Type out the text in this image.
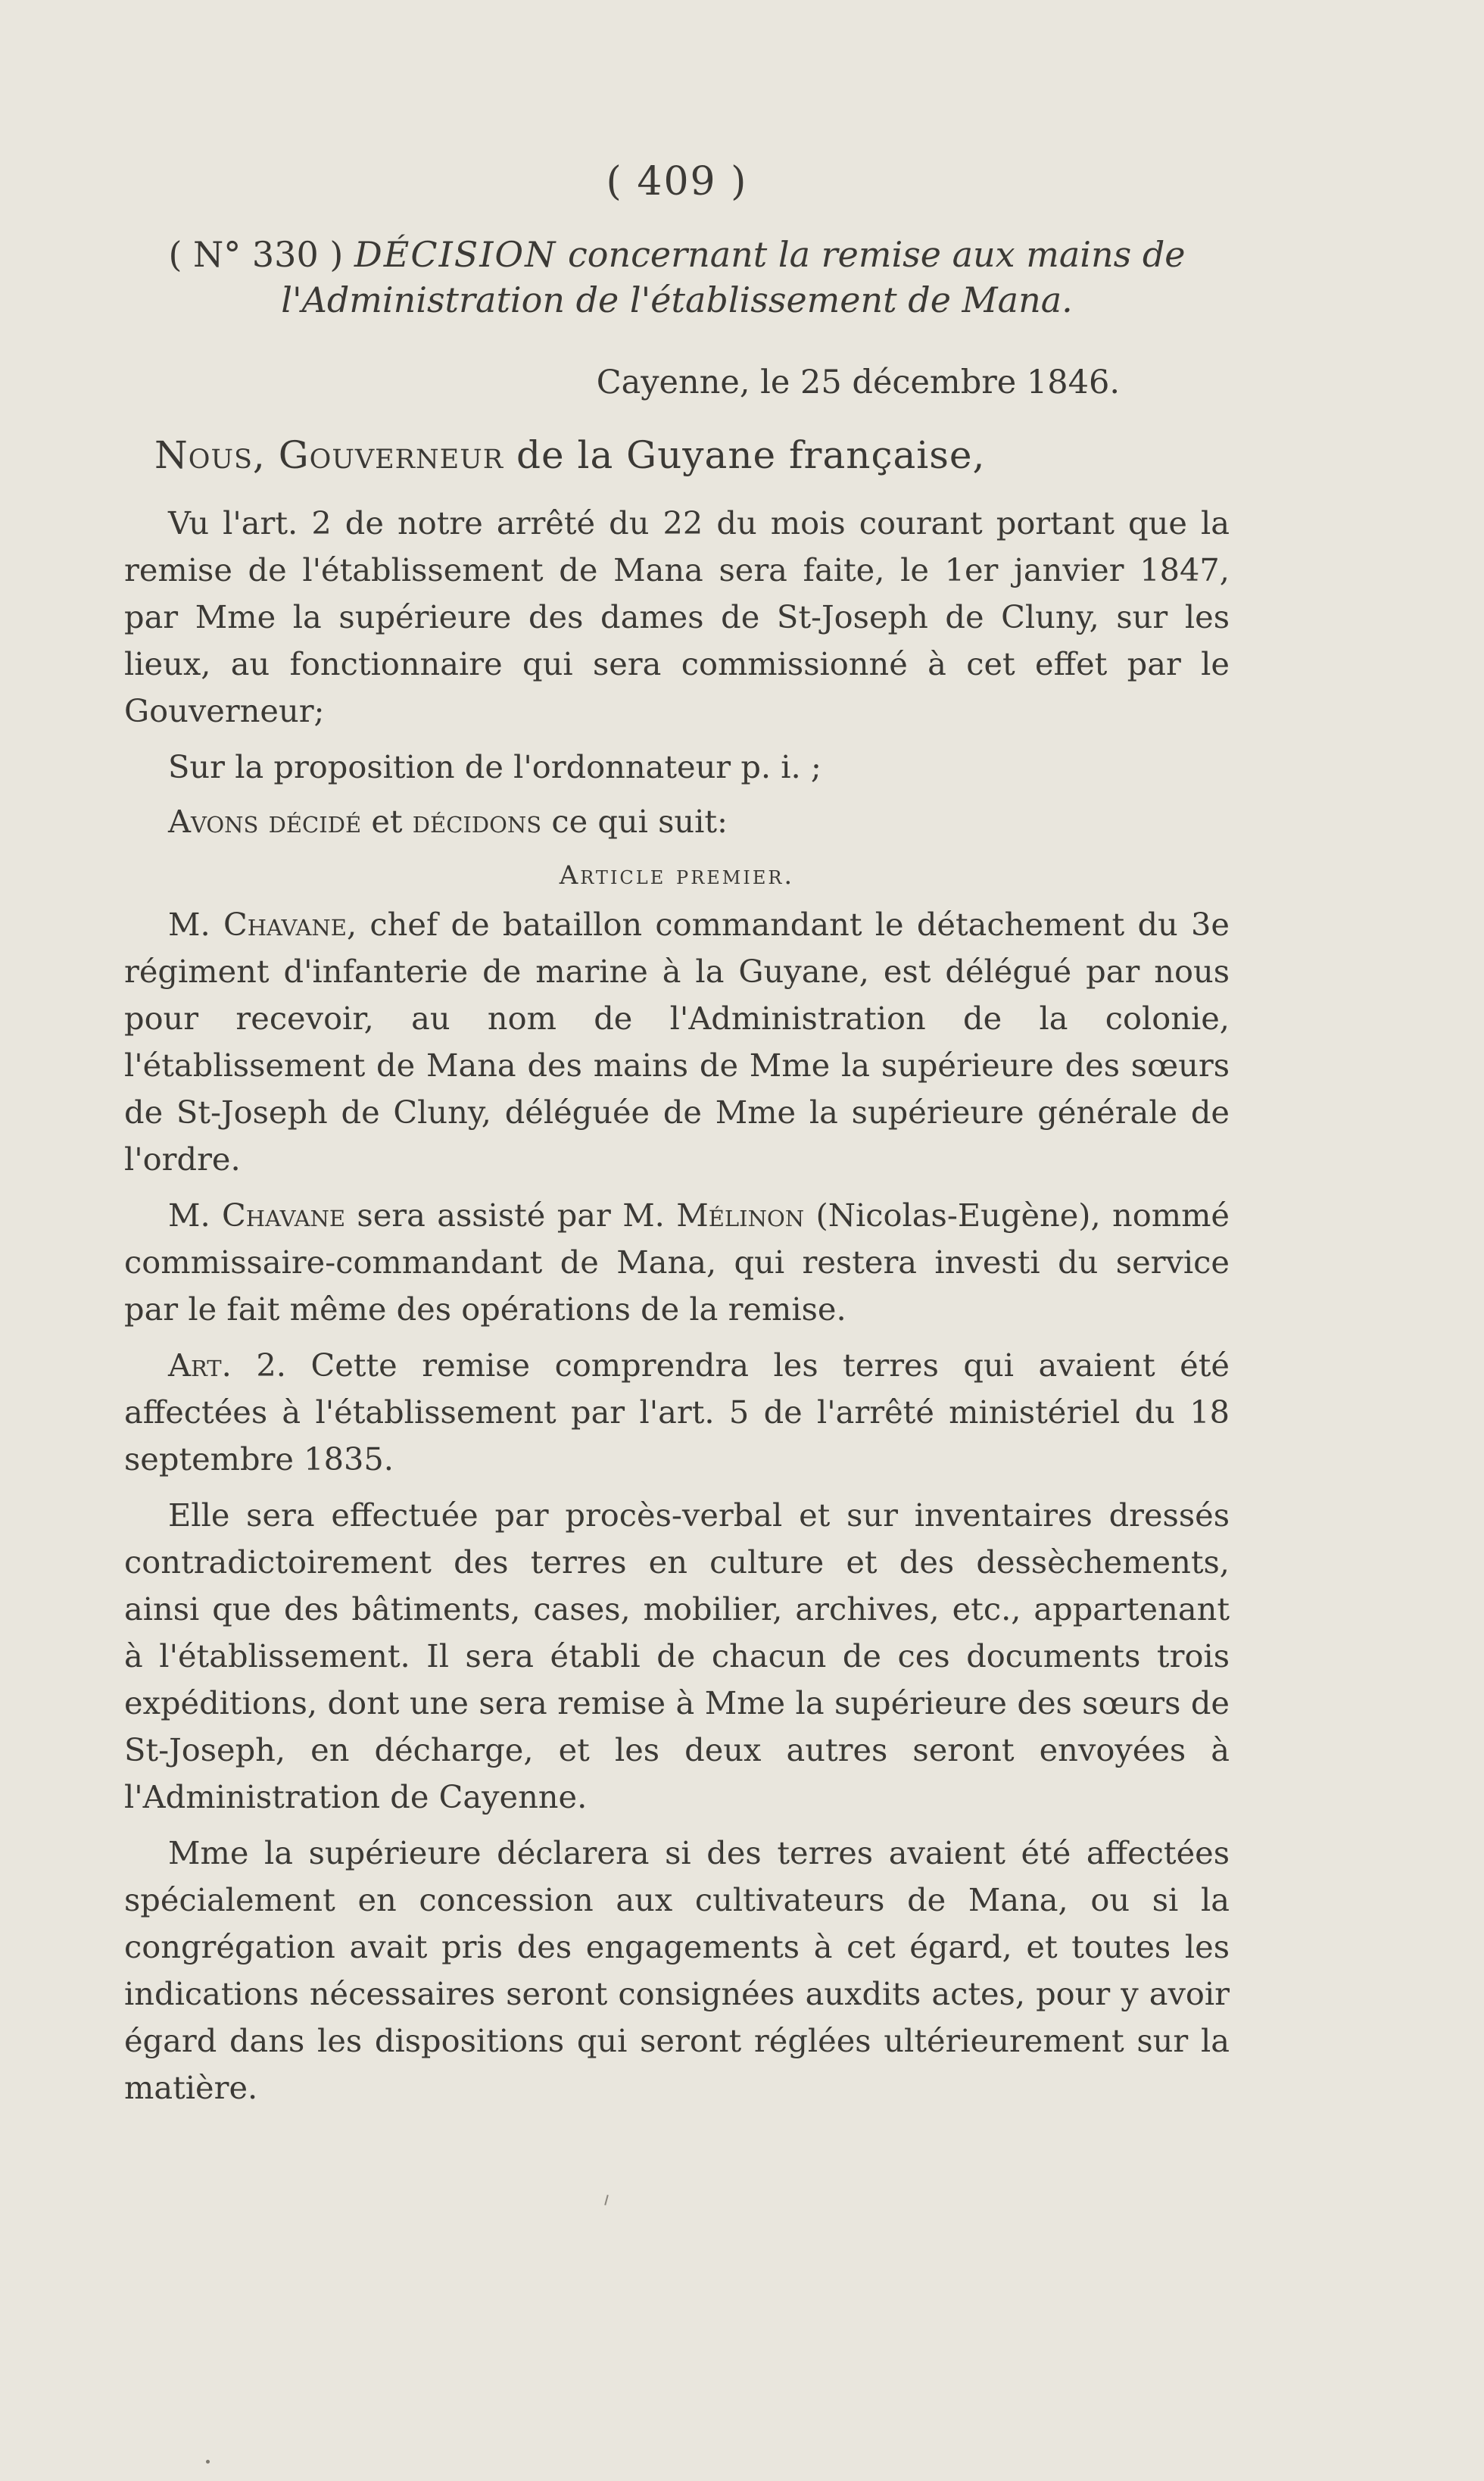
( 409 )
( N° 330 ) DÉCISION concernant la remise aux mains de l'Administration de l'établissement de Mana.
Cayenne, le 25 décembre 1846.
Nous, Gouverneur de la Guyane française,

Vu l'art. 2 de notre arrêté du 22 du mois courant portant que la remise de l'établissement de Mana sera faite, le 1er janvier 1847, par Mme la supérieure des dames de St-Joseph de Cluny, sur les lieux, au fonctionnaire qui sera commissionné à cet effet par le Gouverneur;

Sur la proposition de l'ordonnateur p. i. ;

Avons décidé et décidons ce qui suit:

Article premier.

M. Chavane, chef de bataillon commandant le détachement du 3e régiment d'infanterie de marine à la Guyane, est délégué par nous pour recevoir, au nom de l'Administration de la colonie, l'établissement de Mana des mains de Mme la supérieure des sœurs de St-Joseph de Cluny, déléguée de Mme la supérieure générale de l'ordre.

M. Chavane sera assisté par M. Mélinon (Nicolas-Eugène), nommé commissaire-commandant de Mana, qui restera investi du service par le fait même des opérations de la remise.

Art. 2. Cette remise comprendra les terres qui avaient été affectées à l'établissement par l'art. 5 de l'arrêté ministériel du 18 septembre 1835.

Elle sera effectuée par procès-verbal et sur inventaires dressés contradictoirement des terres en culture et des dessèchements, ainsi que des bâtiments, cases, mobilier, archives, etc., appartenant à l'établissement. Il sera établi de chacun de ces documents trois expéditions, dont une sera remise à Mme la supérieure des sœurs de St-Joseph, en décharge, et les deux autres seront envoyées à l'Administration de Cayenne.

Mme la supérieure déclarera si des terres avaient été affectées spécialement en concession aux cultivateurs de Mana, ou si la congrégation avait pris des engagements à cet égard, et toutes les indications nécessaires seront consignées auxdits actes, pour y avoir égard dans les dispositions qui seront réglées ultérieurement sur la matière.
